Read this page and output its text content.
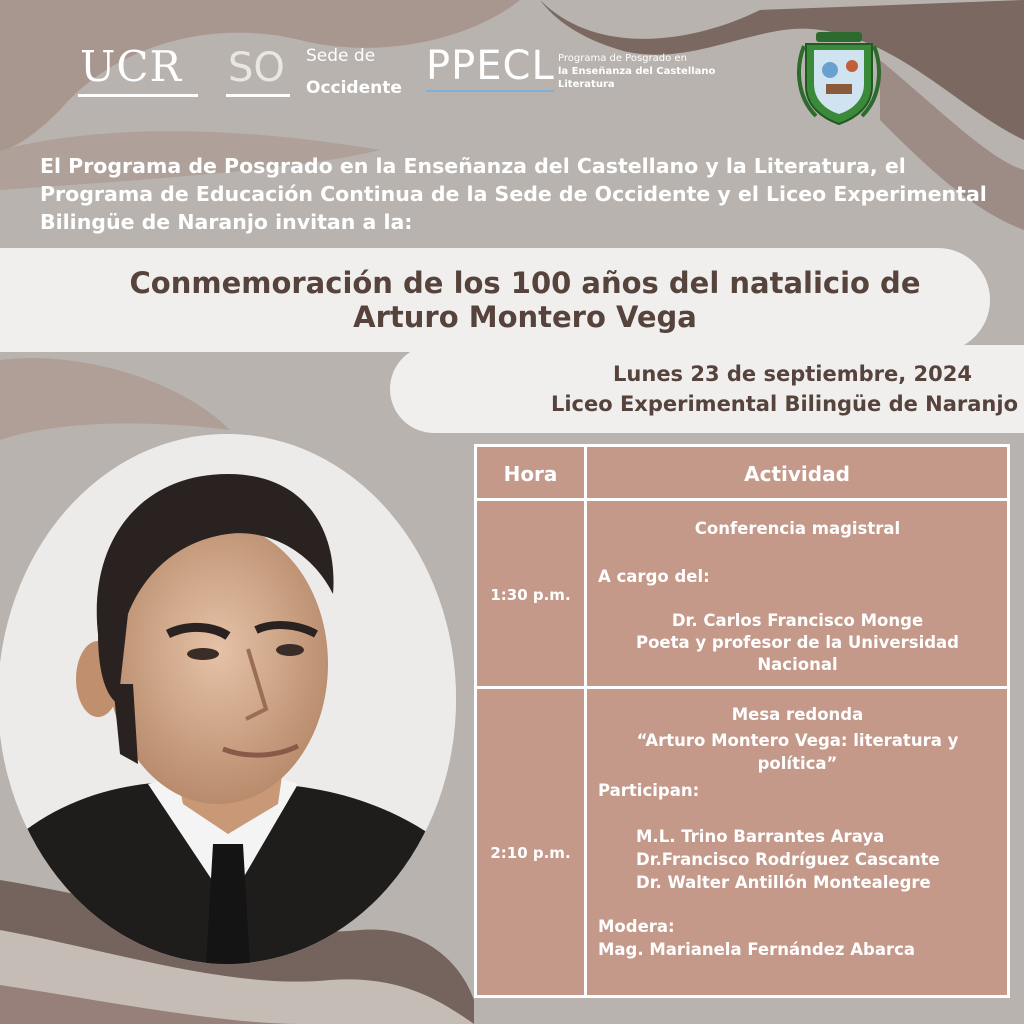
UCR SO Sede de
Occidente PPECL Programa de Posgrado en
la Enseñanza del Castellano
Literatura
El Programa de Posgrado en la Enseñanza del Castellano y la Literatura, el Programa de Educación Continua de la Sede de Occidente y el Liceo Experimental Bilingüe de Naranjo invitan a la:
Conmemoración de los 100 años del natalicio de
Arturo Montero Vega
Lunes 23 de septiembre, 2024
Liceo Experimental Bilingüe de Naranjo
Hora	Actividad
1:30 p.m.
Conferencia magistral
A cargo del:
Dr. Carlos Francisco Monge
Poeta y profesor de la Universidad
Nacional
2:10 p.m.
Mesa redonda
“Arturo Montero Vega: literatura y
política”
Participan:
M.L. Trino Barrantes Araya
Dr.Francisco Rodríguez Cascante
Dr. Walter Antillón Montealegre
Modera:
Mag. Marianela Fernández Abarca
